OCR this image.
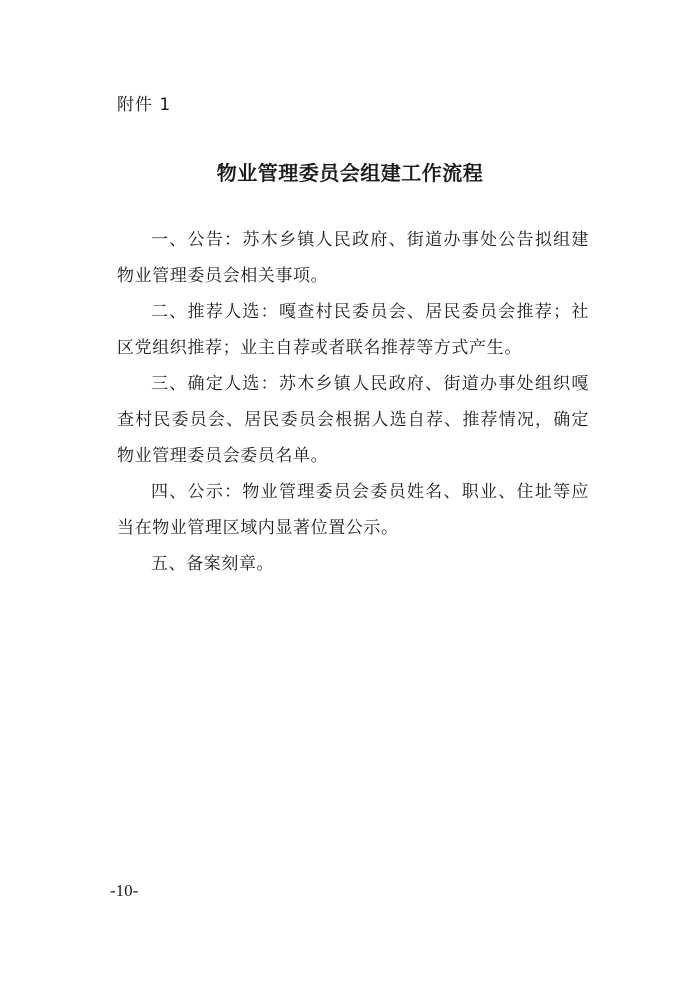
附件 1
物业管理委员会组建工作流程

一、公告：苏木乡镇人民政府、街道办事处公告拟组建物业管理委员会相关事项。

二、推荐人选：嘎查村民委员会、居民委员会推荐；社区党组织推荐；业主自荐或者联名推荐等方式产生。

三、确定人选：苏木乡镇人民政府、街道办事处组织嘎查村民委员会、居民委员会根据人选自荐、推荐情况，确定物业管理委员会委员名单。

四、公示：物业管理委员会委员姓名、职业、住址等应当在物业管理区域内显著位置公示。

五、备案刻章。

-10-
